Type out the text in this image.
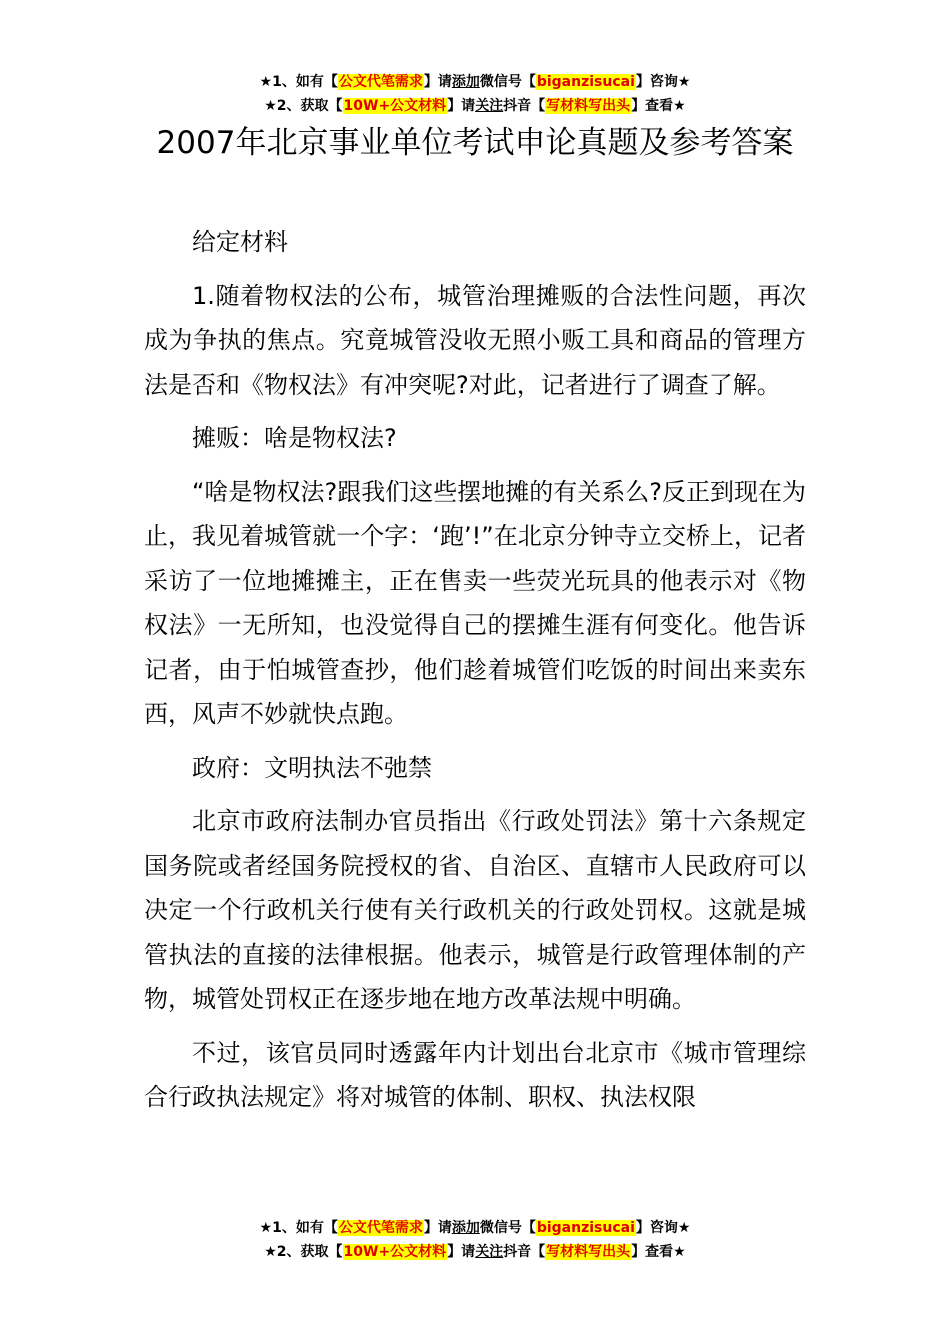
★1、如有【公文代笔需求】请添加微信号【biganzisucai】咨询★
★2、获取【10W+公文材料】请关注抖音【写材料写出头】查看★
2007年北京事业单位考试申论真题及参考答案

给定材料

1.随着物权法的公布，城管治理摊贩的合法性问题，再次成为争执的焦点。究竟城管没收无照小贩工具和商品的管理方法是否和《物权法》有冲突呢?对此，记者进行了调查了解。

摊贩：啥是物权法?

“啥是物权法?跟我们这些摆地摊的有关系么?反正到现在为止，我见着城管就一个字：‘跑’!”在北京分钟寺立交桥上，记者采访了一位地摊摊主，正在售卖一些荧光玩具的他表示对《物权法》一无所知，也没觉得自己的摆摊生涯有何变化。他告诉记者，由于怕城管查抄，他们趁着城管们吃饭的时间出来卖东西，风声不妙就快点跑。

政府：文明执法不弛禁

北京市政府法制办官员指出《行政处罚法》第十六条规定国务院或者经国务院授权的省、自治区、直辖市人民政府可以决定一个行政机关行使有关行政机关的行政处罚权。这就是城管执法的直接的法律根据。他表示，城管是行政管理体制的产物，城管处罚权正在逐步地在地方改革法规中明确。

不过，该官员同时透露年内计划出台北京市《城市管理综合行政执法规定》将对城管的体制、职权、执法权限

★1、如有【公文代笔需求】请添加微信号【biganzisucai】咨询★
★2、获取【10W+公文材料】请关注抖音【写材料写出头】查看★
